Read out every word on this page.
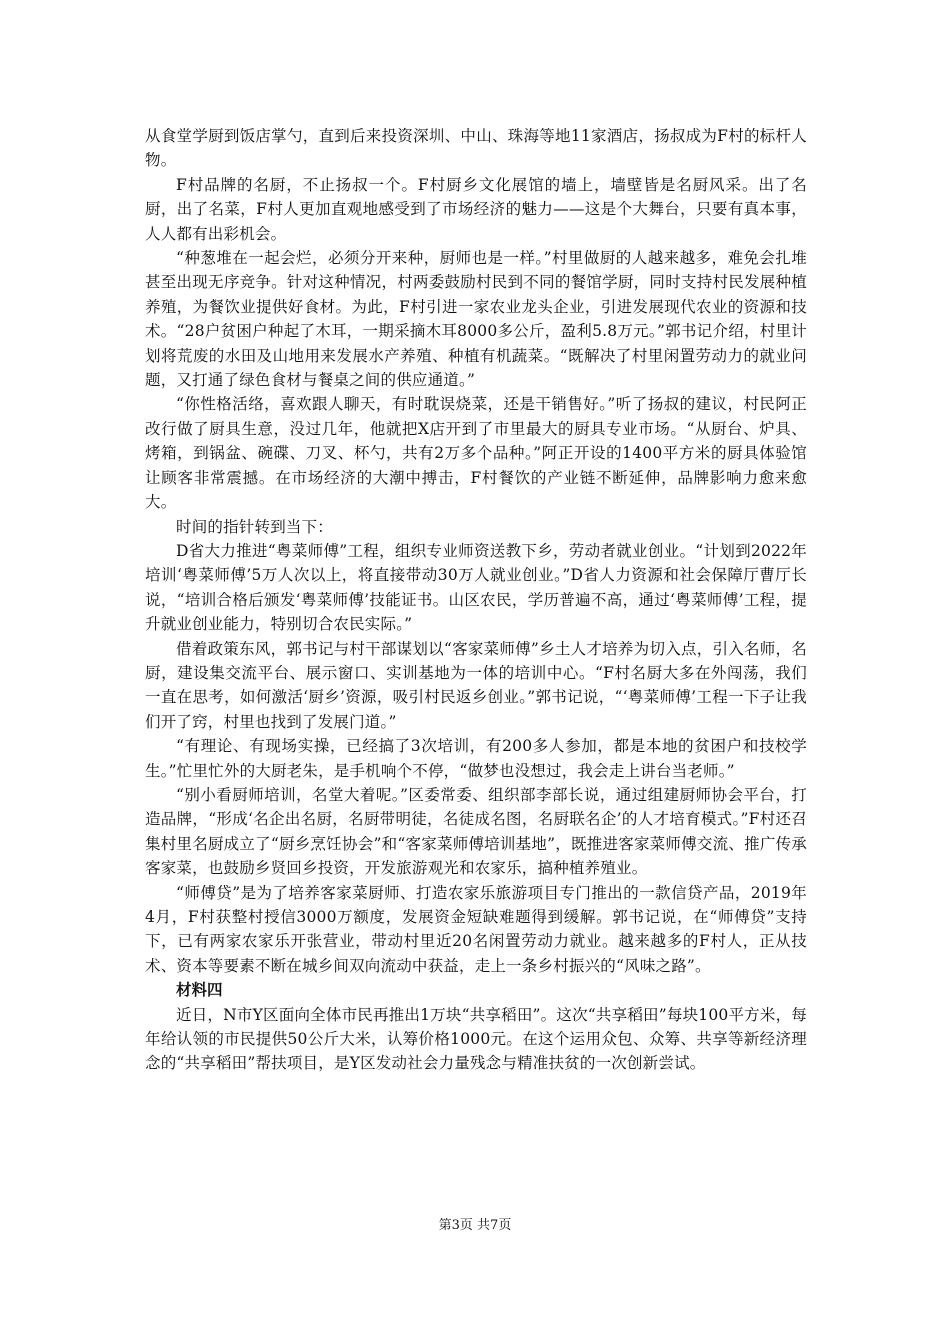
从食堂学厨到饭店掌勺，直到后来投资深圳、中山、珠海等地11家酒店，扬叔成为F村的标杆人物。

F村品牌的名厨，不止扬叔一个。F村厨乡文化展馆的墙上，墙壁皆是名厨风采。出了名厨，出了名菜，F村人更加直观地感受到了市场经济的魅力——这是个大舞台，只要有真本事，人人都有出彩机会。

“种葱堆在一起会烂，必须分开来种，厨师也是一样。”村里做厨的人越来越多，难免会扎堆甚至出现无序竞争。针对这种情况，村两委鼓励村民到不同的餐馆学厨，同时支持村民发展种植养殖，为餐饮业提供好食材。为此，F村引进一家农业龙头企业，引进发展现代农业的资源和技术。“28户贫困户种起了木耳，一期采摘木耳8000多公斤，盈利5.8万元。”郭书记介绍，村里计划将荒废的水田及山地用来发展水产养殖、种植有机蔬菜。“既解决了村里闲置劳动力的就业问题，又打通了绿色食材与餐桌之间的供应通道。”

“你性格活络，喜欢跟人聊天，有时耽误烧菜，还是干销售好。”听了扬叔的建议，村民阿正改行做了厨具生意，没过几年，他就把X店开到了市里最大的厨具专业市场。“从厨台、炉具、烤箱，到锅盆、碗碟、刀叉、杯勺，共有2万多个品种。”阿正开设的1400平方米的厨具体验馆让顾客非常震撼。在市场经济的大潮中搏击，F村餐饮的产业链不断延伸，品牌影响力愈来愈大。

时间的指针转到当下：

D省大力推进“粤菜师傅”工程，组织专业师资送教下乡，劳动者就业创业。“计划到2022年培训‘粤菜师傅’5万人次以上，将直接带动30万人就业创业。”D省人力资源和社会保障厅曹厅长说，“培训合格后颁发‘粤菜师傅’技能证书。山区农民，学历普遍不高，通过‘粤菜师傅’工程，提升就业创业能力，特别切合农民实际。”

借着政策东风，郭书记与村干部谋划以“客家菜师傅”乡土人才培养为切入点，引入名师，名厨，建设集交流平台、展示窗口、实训基地为一体的培训中心。“F村名厨大多在外闯荡，我们一直在思考，如何激活‘厨乡’资源，吸引村民返乡创业。”郭书记说，“‘粤菜师傅’工程一下子让我们开了窍，村里也找到了发展门道。”

“有理论、有现场实操，已经搞了3次培训，有200多人参加，都是本地的贫困户和技校学生。”忙里忙外的大厨老朱，是手机响个不停，“做梦也没想过，我会走上讲台当老师。”

“别小看厨师培训，名堂大着呢。”区委常委、组织部李部长说，通过组建厨师协会平台，打造品牌，“形成‘名企出名厨，名厨带明徒，名徒成名图，名厨联名企’的人才培育模式。”F村还召集村里名厨成立了“厨乡烹饪协会”和“客家菜师傅培训基地”，既推进客家菜师傅交流、推广传承客家菜，也鼓励乡贤回乡投资，开发旅游观光和农家乐，搞种植养殖业。

“师傅贷”是为了培养客家菜厨师、打造农家乐旅游项目专门推出的一款信贷产品，2019年4月，F村获整村授信3000万额度，发展资金短缺难题得到缓解。郭书记说，在“师傅贷”支持下，已有两家农家乐开张营业，带动村里近20名闲置劳动力就业。越来越多的F村人，正从技术、资本等要素不断在城乡间双向流动中获益，走上一条乡村振兴的“风味之路”。

材料四

近日，N市Y区面向全体市民再推出1万块“共享稻田”。这次“共享稻田”每块100平方米，每年给认领的市民提供50公斤大米，认筹价格1000元。在这个运用众包、众筹、共享等新经济理念的“共享稻田”帮扶项目，是Y区发动社会力量残念与精准扶贫的一次创新尝试。

第3页 共7页
